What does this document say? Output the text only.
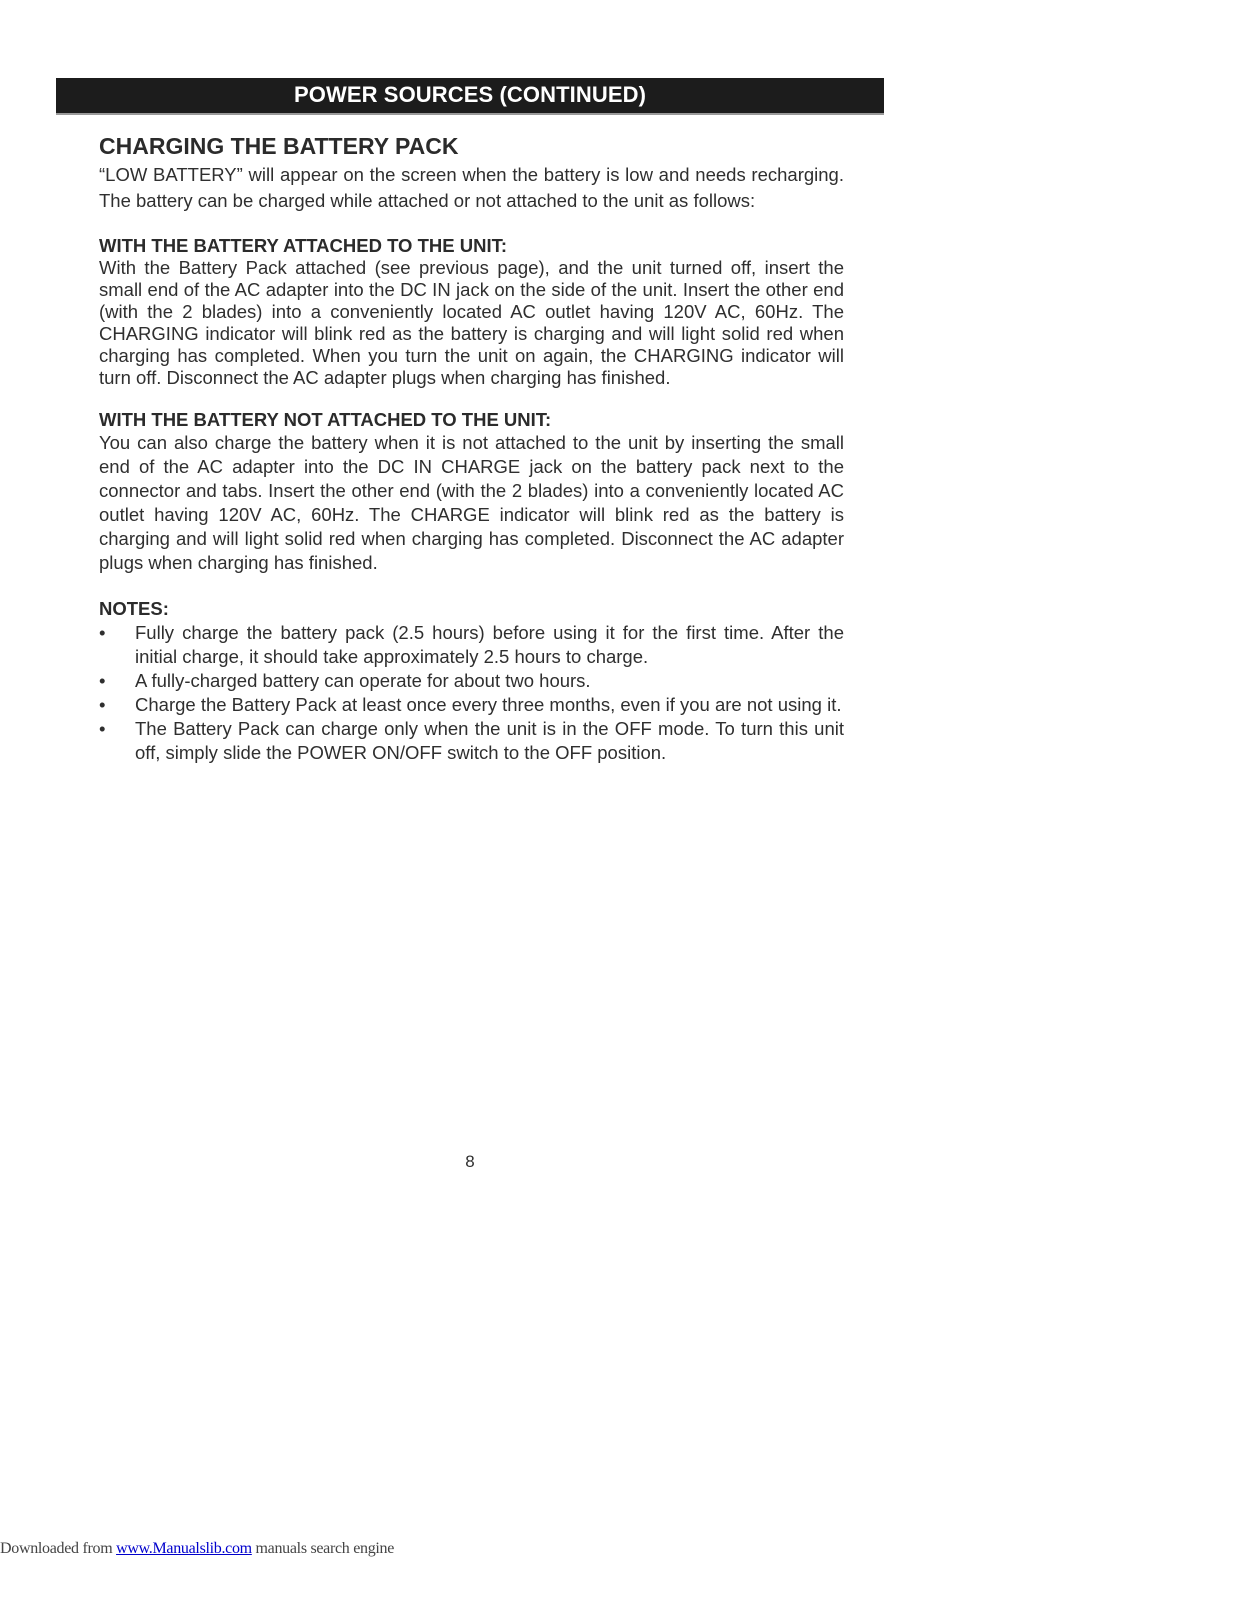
POWER SOURCES (CONTINUED)
CHARGING THE BATTERY PACK

“LOW BATTERY” will appear on the screen when the battery is low and needs recharging. The battery can be charged while attached or not attached to the unit as follows:

WITH THE BATTERY ATTACHED TO THE UNIT:

With the Battery Pack attached (see previous page), and the unit turned off, insert the small end of the AC adapter into the DC IN jack on the side of the unit. Insert the other end (with the 2 blades) into a conveniently located AC outlet having 120V AC, 60Hz. The CHARGING indicator will blink red as the battery is charging and will light solid red when charging has completed. When you turn the unit on again, the CHARGING indicator will turn off. Disconnect the AC adapter plugs when charging has finished.

WITH THE BATTERY NOT ATTACHED TO THE UNIT:

You can also charge the battery when it is not attached to the unit by inserting the small end of the AC adapter into the DC IN CHARGE jack on the battery pack next to the connector and tabs. Insert the other end (with the 2 blades) into a conveniently located AC outlet having 120V AC, 60Hz. The CHARGE indicator will blink red as the battery is charging and will light solid red when charging has completed. Disconnect the AC adapter plugs when charging has finished.

NOTES:
• Fully charge the battery pack (2.5 hours) before using it for the first time. After the initial charge, it should take approximately 2.5 hours to charge.
• A fully-charged battery can operate for about two hours.
• Charge the Battery Pack at least once every three months, even if you are not using it.
• The Battery Pack can charge only when the unit is in the OFF mode. To turn this unit off, simply slide the POWER ON/OFF switch to the OFF position.
8
Downloaded from www.Manualslib.com manuals search engine
